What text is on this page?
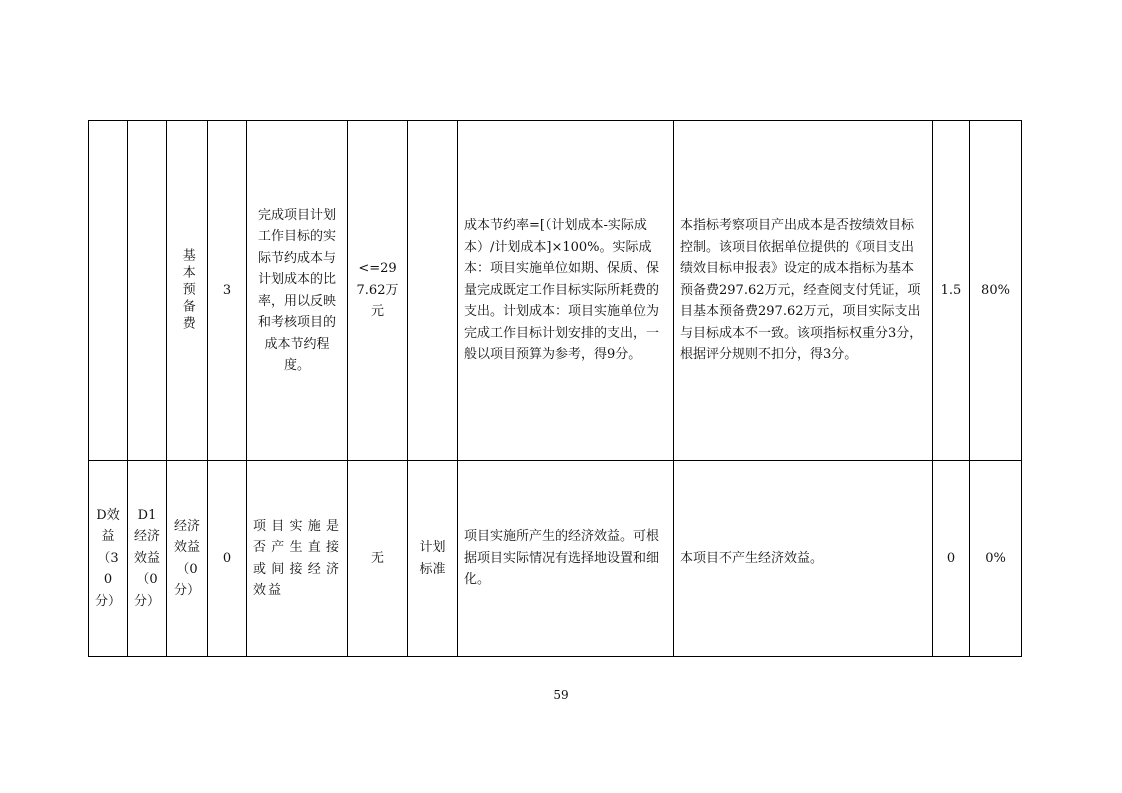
		基本预备费	3	完成项目计划工作目标的实际节约成本与计划成本的比率，用以反映和考核项目的成本节约程度。	<=297.62万元		成本节约率=[（计划成本-实际成本）/计划成本]×100%。实际成本：项目实施单位如期、保质、保量完成既定工作目标实际所耗费的支出。计划成本：项目实施单位为完成工作目标计划安排的支出，一般以项目预算为参考，得9分。	本指标考察项目产出成本是否按绩效目标控制。该项目依据单位提供的《项目支出绩效目标申报表》设定的成本指标为基本预备费297.62万元，经查阅支付凭证，项目基本预备费297.62万元，项目实际支出与目标成本不一致。该项指标权重分3分，根据评分规则不扣分，得3分。	1.5	80%

D效益（30分）	D1经济效益（0分）	经济效益（0分）	0	项目实施是否产生直接或间接经济效益	无	计划标准	项目实施所产生的经济效益。可根据项目实际情况有选择地设置和细化。	本项目不产生经济效益。	0	0%
59
